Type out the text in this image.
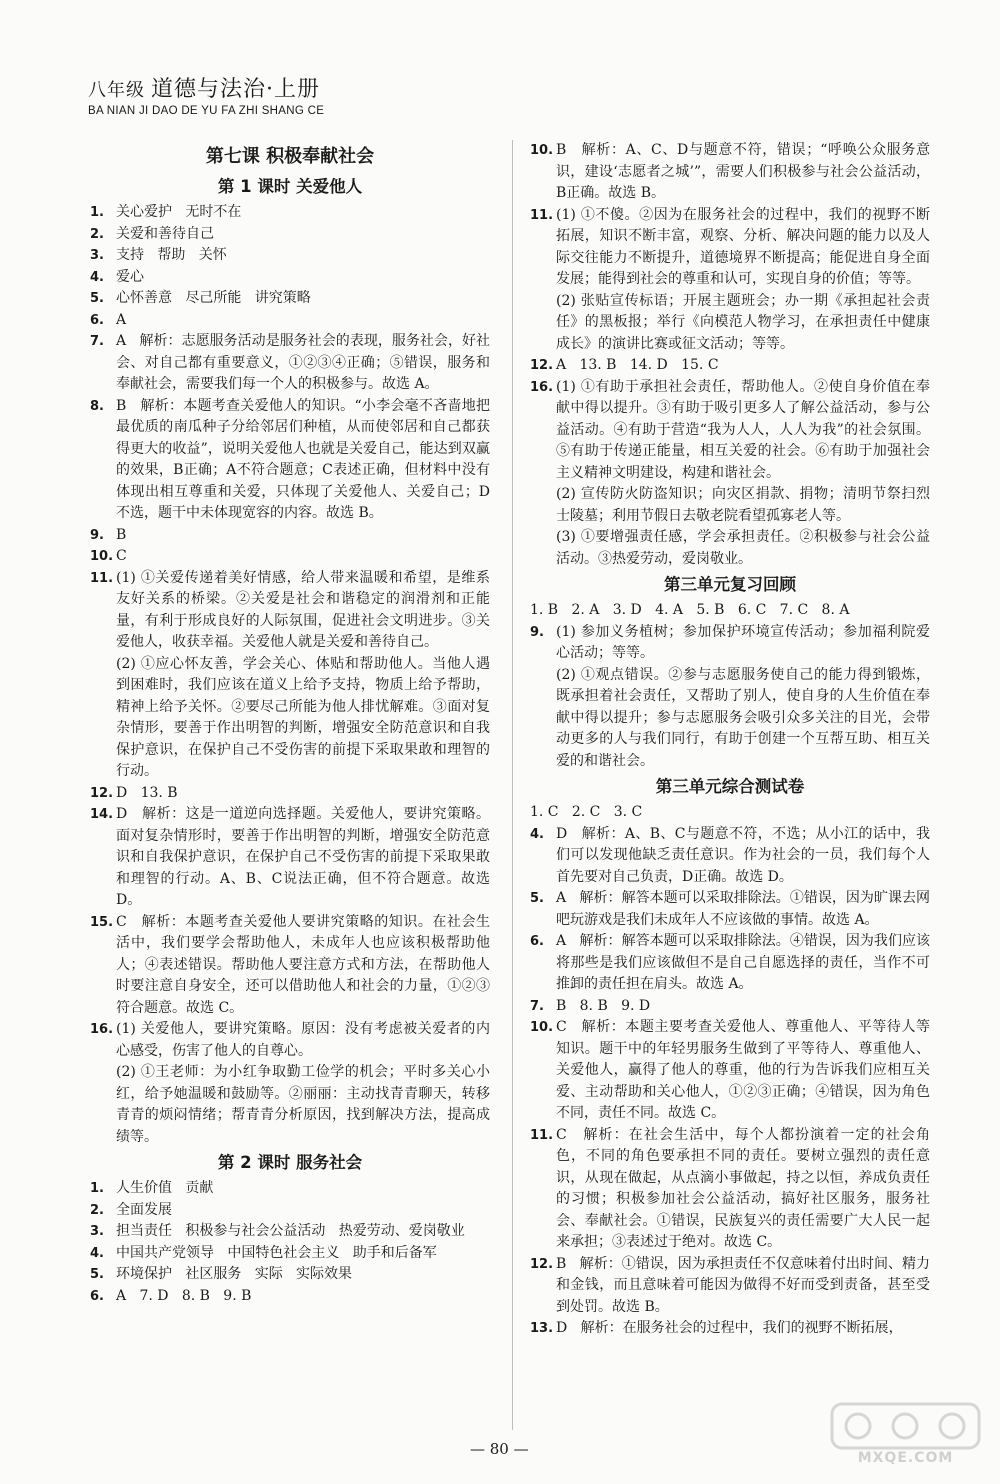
八年级 道德与法治·上册
BA NIAN JI DAO DE YU FA ZHI SHANG CE
第七课 积极奉献社会
第 1 课时 关爱他人
1. 关心爱护   无时不在
2. 关爱和善待自己
3. 支持   帮助   关怀
4. 爱心
5. 心怀善意   尽己所能   讲究策略
6. A
7. A   解析：志愿服务活动是服务社会的表现，服务社会，好社会、对自己都有重要意义，①②③④正确；⑤错误，服务和奉献社会，需要我们每一个人的积极参与。故选 A。
8. B   解析：本题考查关爱他人的知识。“小李会毫不吝啬地把最优质的南瓜种子分给邻居们种植，从而使邻居和自己都获得更大的收益”，说明关爱他人也就是关爱自己，能达到双赢的效果，B正确；A不符合题意；C表述正确，但材料中没有体现出相互尊重和关爱，只体现了关爱他人、关爱自己；D不选，题干中未体现宽容的内容。故选 B。
9. B
10. C
11. (1) ①关爱传递着美好情感，给人带来温暖和希望，是维系友好关系的桥梁。②关爱是社会和谐稳定的润滑剂和正能量，有利于形成良好的人际氛围，促进社会文明进步。③关爱他人，收获幸福。关爱他人就是关爱和善待自己。
(2) ①应心怀友善，学会关心、体贴和帮助他人。当他人遇到困难时，我们应该在道义上给予支持，物质上给予帮助，精神上给予关怀。②要尽己所能为他人排忧解难。③面对复杂情形，要善于作出明智的判断，增强安全防范意识和自我保护意识，在保护自己不受伤害的前提下采取果敢和理智的行动。
12. D   13. B
14. D   解析：这是一道逆向选择题。关爱他人，要讲究策略。面对复杂情形时，要善于作出明智的判断，增强安全防范意识和自我保护意识，在保护自己不受伤害的前提下采取果敢和理智的行动。A、B、C说法正确，但不符合题意。故选 D。
15. C   解析：本题考查关爱他人要讲究策略的知识。在社会生活中，我们要学会帮助他人，未成年人也应该积极帮助他人；④表述错误。帮助他人要注意方式和方法，在帮助他人时要注意自身安全，还可以借助他人和社会的力量，①②③符合题意。故选 C。
16. (1) 关爱他人，要讲究策略。原因：没有考虑被关爱者的内心感受，伤害了他人的自尊心。
(2) ①王老师：为小红争取勤工俭学的机会；平时多关心小红，给予她温暖和鼓励等。②丽丽：主动找青青聊天，转移青青的烦闷情绪；帮青青分析原因，找到解决方法，提高成绩等。
第 2 课时 服务社会
1. 人生价值   贡献
2. 全面发展
3. 担当责任   积极参与社会公益活动   热爱劳动、爱岗敬业
4. 中国共产党领导   中国特色社会主义   助手和后备军
5. 环境保护   社区服务   实际   实际效果
6. A   7. D   8. B   9. B
10. B   解析：A、C、D与题意不符，错误；“呼唤公众服务意识，建设‘志愿者之城’”，需要人们积极参与社会公益活动，B正确。故选 B。
11. (1) ①不傻。②因为在服务社会的过程中，我们的视野不断拓展，知识不断丰富，观察、分析、解决问题的能力以及人际交往能力不断提升，道德境界不断提高；能促进自身全面发展；能得到社会的尊重和认可，实现自身的价值；等等。
(2) 张贴宣传标语；开展主题班会；办一期《承担起社会责任》的黑板报；举行《向模范人物学习，在承担责任中健康成长》的演讲比赛或征文活动；等等。
12. A   13. B   14. D   15. C
16. (1) ①有助于承担社会责任，帮助他人。②使自身价值在奉献中得以提升。③有助于吸引更多人了解公益活动，参与公益活动。④有助于营造“我为人人，人人为我”的社会氛围。⑤有助于传递正能量，相互关爱的社会。⑥有助于加强社会主义精神文明建设，构建和谐社会。
(2) 宣传防火防盗知识；向灾区捐款、捐物；清明节祭扫烈士陵墓；利用节假日去敬老院看望孤寡老人等。
(3) ①要增强责任感，学会承担责任。②积极参与社会公益活动。③热爱劳动，爱岗敬业。
第三单元复习回顾
1. B   2. A   3. D   4. A   5. B   6. C   7. C   8. A
9. (1) 参加义务植树；参加保护环境宣传活动；参加福利院爱心活动；等等。
(2) ①观点错误。②参与志愿服务使自己的能力得到锻炼，既承担着社会责任，又帮助了别人，使自身的人生价值在奉献中得以提升；参与志愿服务会吸引众多关注的目光，会带动更多的人与我们同行，有助于创建一个互帮互助、相互关爱的和谐社会。
第三单元综合测试卷
1. C   2. C   3. C
4. D   解析：A、B、C与题意不符，不选；从小江的话中，我们可以发现他缺乏责任意识。作为社会的一员，我们每个人首先要对自己负责，D正确。故选 D。
5. A   解析：解答本题可以采取排除法。①错误，因为旷课去网吧玩游戏是我们未成年人不应该做的事情。故选 A。
6. A   解析：解答本题可以采取排除法。④错误，因为我们应该将那些是我们应该做但不是自己自愿选择的责任，当作不可推卸的责任担在肩头。故选 A。
7. B   8. B   9. D
10. C   解析：本题主要考查关爱他人、尊重他人、平等待人等知识。题干中的年轻男服务生做到了平等待人、尊重他人、关爱他人，赢得了他人的尊重，他的行为告诉我们应相互关爱、主动帮助和关心他人，①②③正确；④错误，因为角色不同，责任不同。故选 C。
11. C   解析：在社会生活中，每个人都扮演着一定的社会角色，不同的角色要承担不同的责任。要树立强烈的责任意识，从现在做起，从点滴小事做起，持之以恒，养成负责任的习惯；积极参加社会公益活动，搞好社区服务，服务社会、奉献社会。①错误，民族复兴的责任需要广大人民一起来承担；③表述过于绝对。故选 C。
12. B   解析：①错误，因为承担责任不仅意味着付出时间、精力和金钱，而且意味着可能因为做得不好而受到责备，甚至受到处罚。故选 B。
13. D   解析：在服务社会的过程中，我们的视野不断拓展，
— 80 —	MXQE.COM
